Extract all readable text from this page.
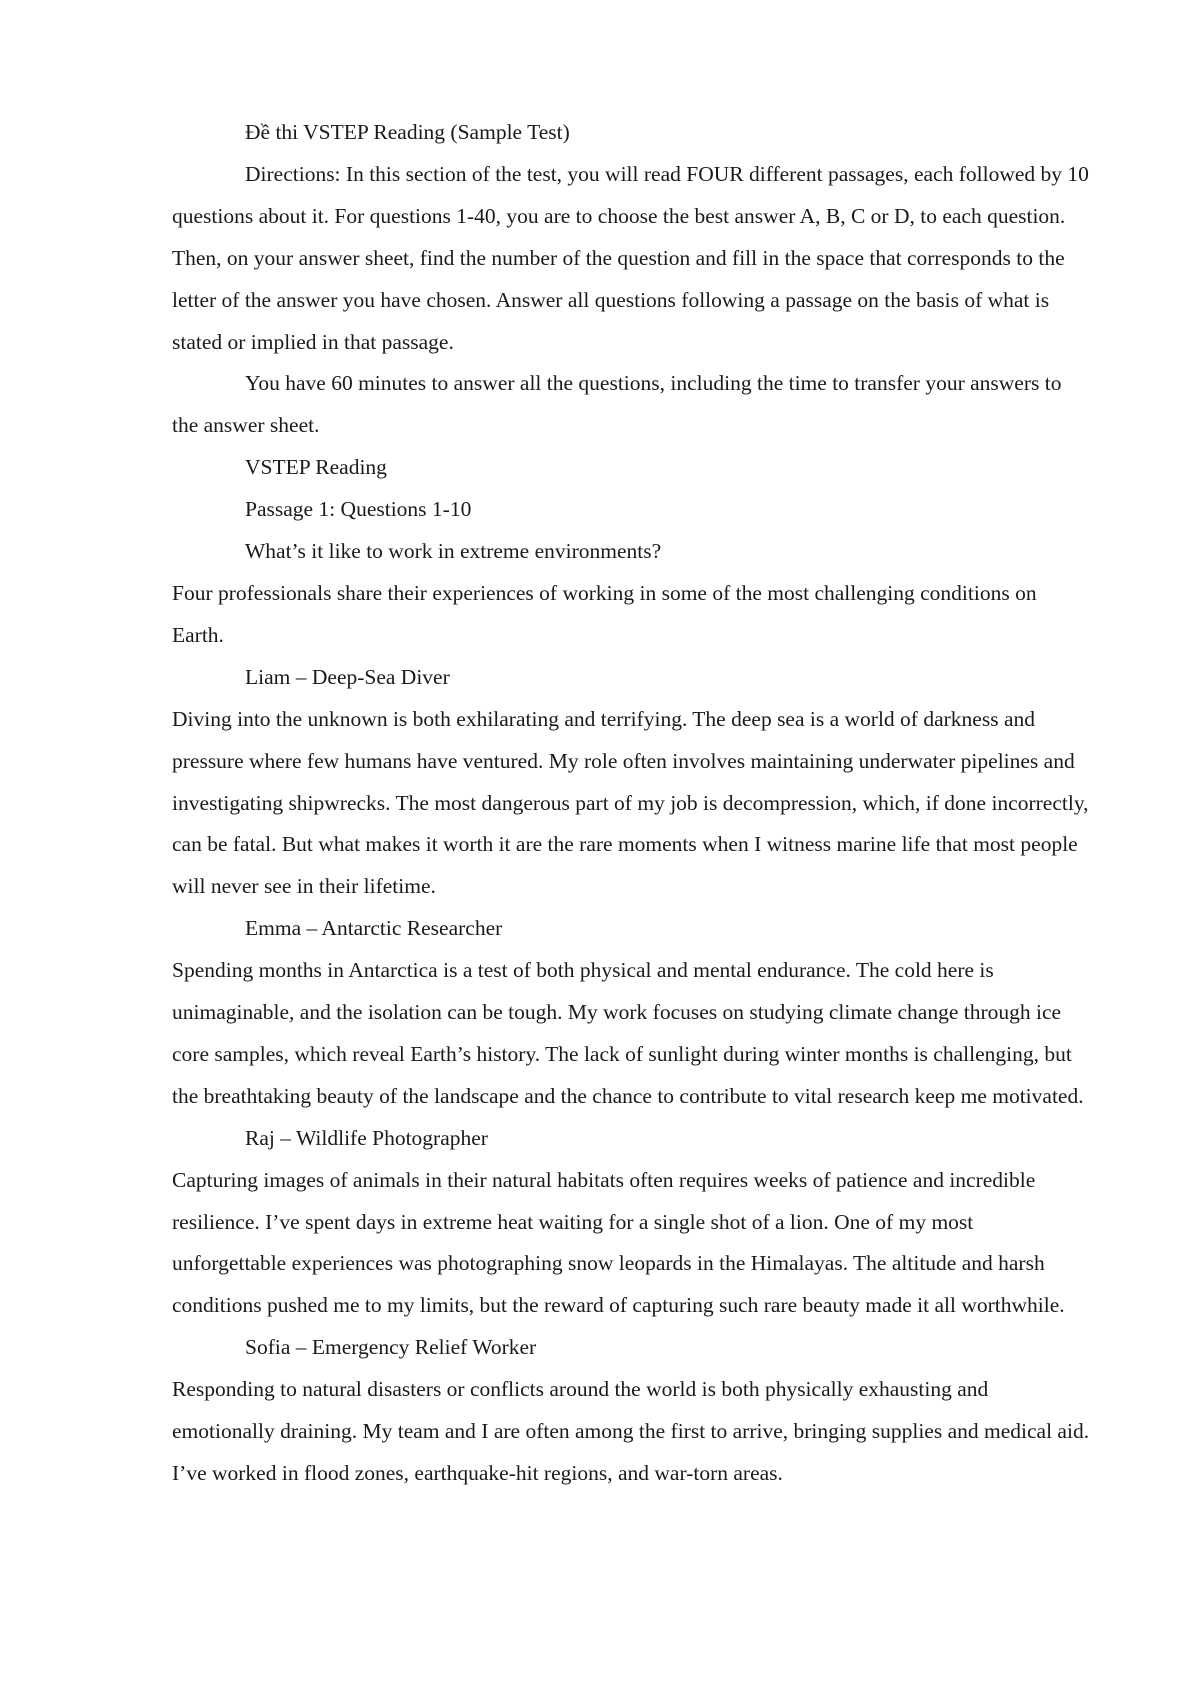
Đề thi VSTEP Reading (Sample Test)

Directions: In this section of the test, you will read FOUR different passages, each followed by 10 questions about it. For questions 1-40, you are to choose the best answer A, B, C or D, to each question. Then, on your answer sheet, find the number of the question and fill in the space that corresponds to the letter of the answer you have chosen. Answer all questions following a passage on the basis of what is stated or implied in that passage.

You have 60 minutes to answer all the questions, including the time to transfer your answers to the answer sheet.

VSTEP Reading

Passage 1: Questions 1-10

What’s it like to work in extreme environments?

Four professionals share their experiences of working in some of the most challenging conditions on Earth.

Liam – Deep-Sea Diver

Diving into the unknown is both exhilarating and terrifying. The deep sea is a world of darkness and pressure where few humans have ventured. My role often involves maintaining underwater pipelines and investigating shipwrecks. The most dangerous part of my job is decompression, which, if done incorrectly, can be fatal. But what makes it worth it are the rare moments when I witness marine life that most people will never see in their lifetime.

Emma – Antarctic Researcher

Spending months in Antarctica is a test of both physical and mental endurance. The cold here is unimaginable, and the isolation can be tough. My work focuses on studying climate change through ice core samples, which reveal Earth’s history. The lack of sunlight during winter months is challenging, but the breathtaking beauty of the landscape and the chance to contribute to vital research keep me motivated.

Raj – Wildlife Photographer

Capturing images of animals in their natural habitats often requires weeks of patience and incredible resilience. I’ve spent days in extreme heat waiting for a single shot of a lion. One of my most unforgettable experiences was photographing snow leopards in the Himalayas. The altitude and harsh conditions pushed me to my limits, but the reward of capturing such rare beauty made it all worthwhile.

Sofia – Emergency Relief Worker

Responding to natural disasters or conflicts around the world is both physically exhausting and emotionally draining. My team and I are often among the first to arrive, bringing supplies and medical aid. I’ve worked in flood zones, earthquake-hit regions, and war-torn areas.
